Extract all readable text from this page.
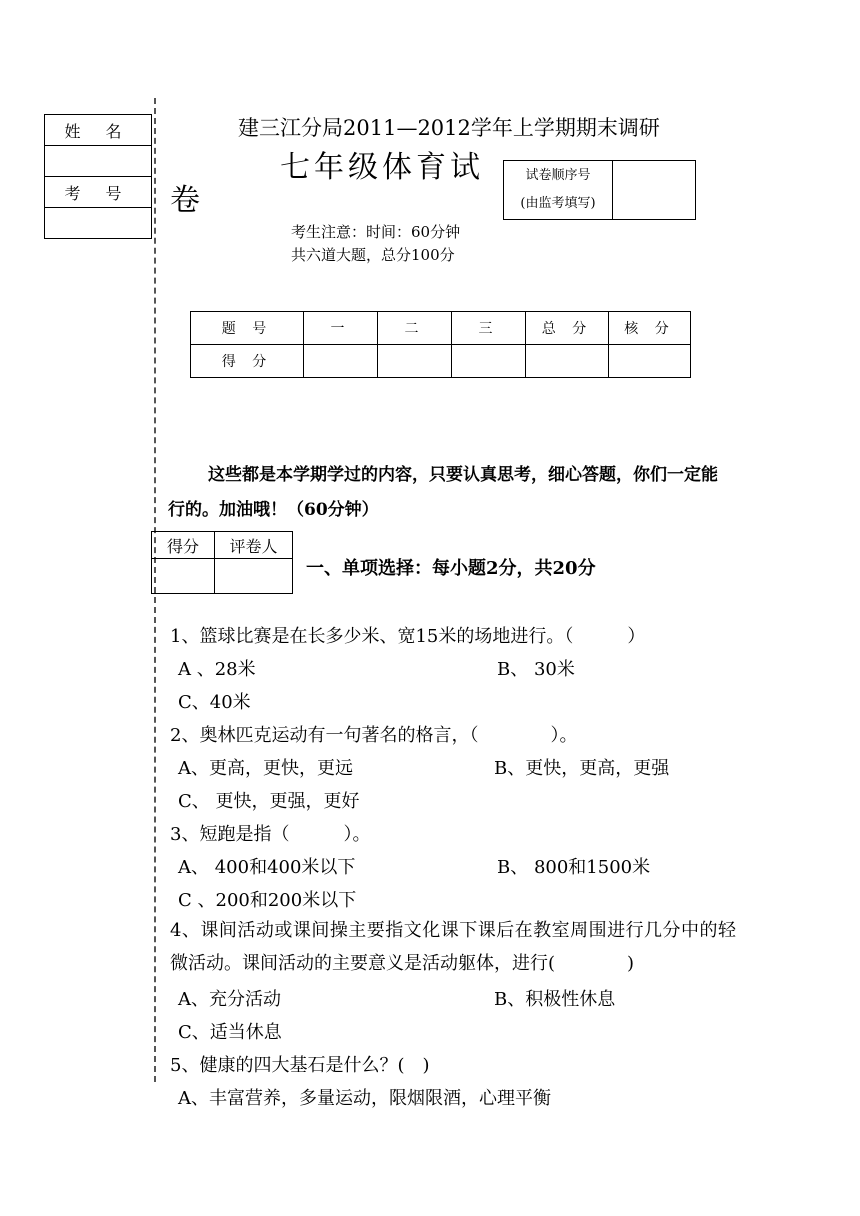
姓 名

考 号

建三江分局2011—2012学年上学期期末调研
七年级体育试
卷
试卷顺序号
(由监考填写)

考生注意：时间：60分钟
共六道大题，总分100分
题 号	一	二	三	总 分	核 分
得 分					
这些都是本学期学过的内容，只要认真思考，细心答题，你们一定能行的。加油哦！（60分钟）
得分	评卷人

一、单项选择：每小题2分，共20分
1、篮球比赛是在长多少米、宽15米的场地进行。（　　　）
A 、28米	B、 30米
C、40米
2、奥林匹克运动有一句著名的格言，（　　　　）。
A、更高，更快，更远	B、更快，更高，更强
C、 更快，更强，更好
3、短跑是指（　　　）。
A、 400和400米以下	B、 800和1500米
C 、200和200米以下
4、课间活动或课间操主要指文化课下课后在教室周围进行几分中的轻微活动。课间活动的主要意义是活动躯体，进行(　　　　)
A、充分活动	B、积极性休息
C、适当休息
5、健康的四大基石是什么？(　)
A、丰富营养，多量运动，限烟限酒，心理平衡
